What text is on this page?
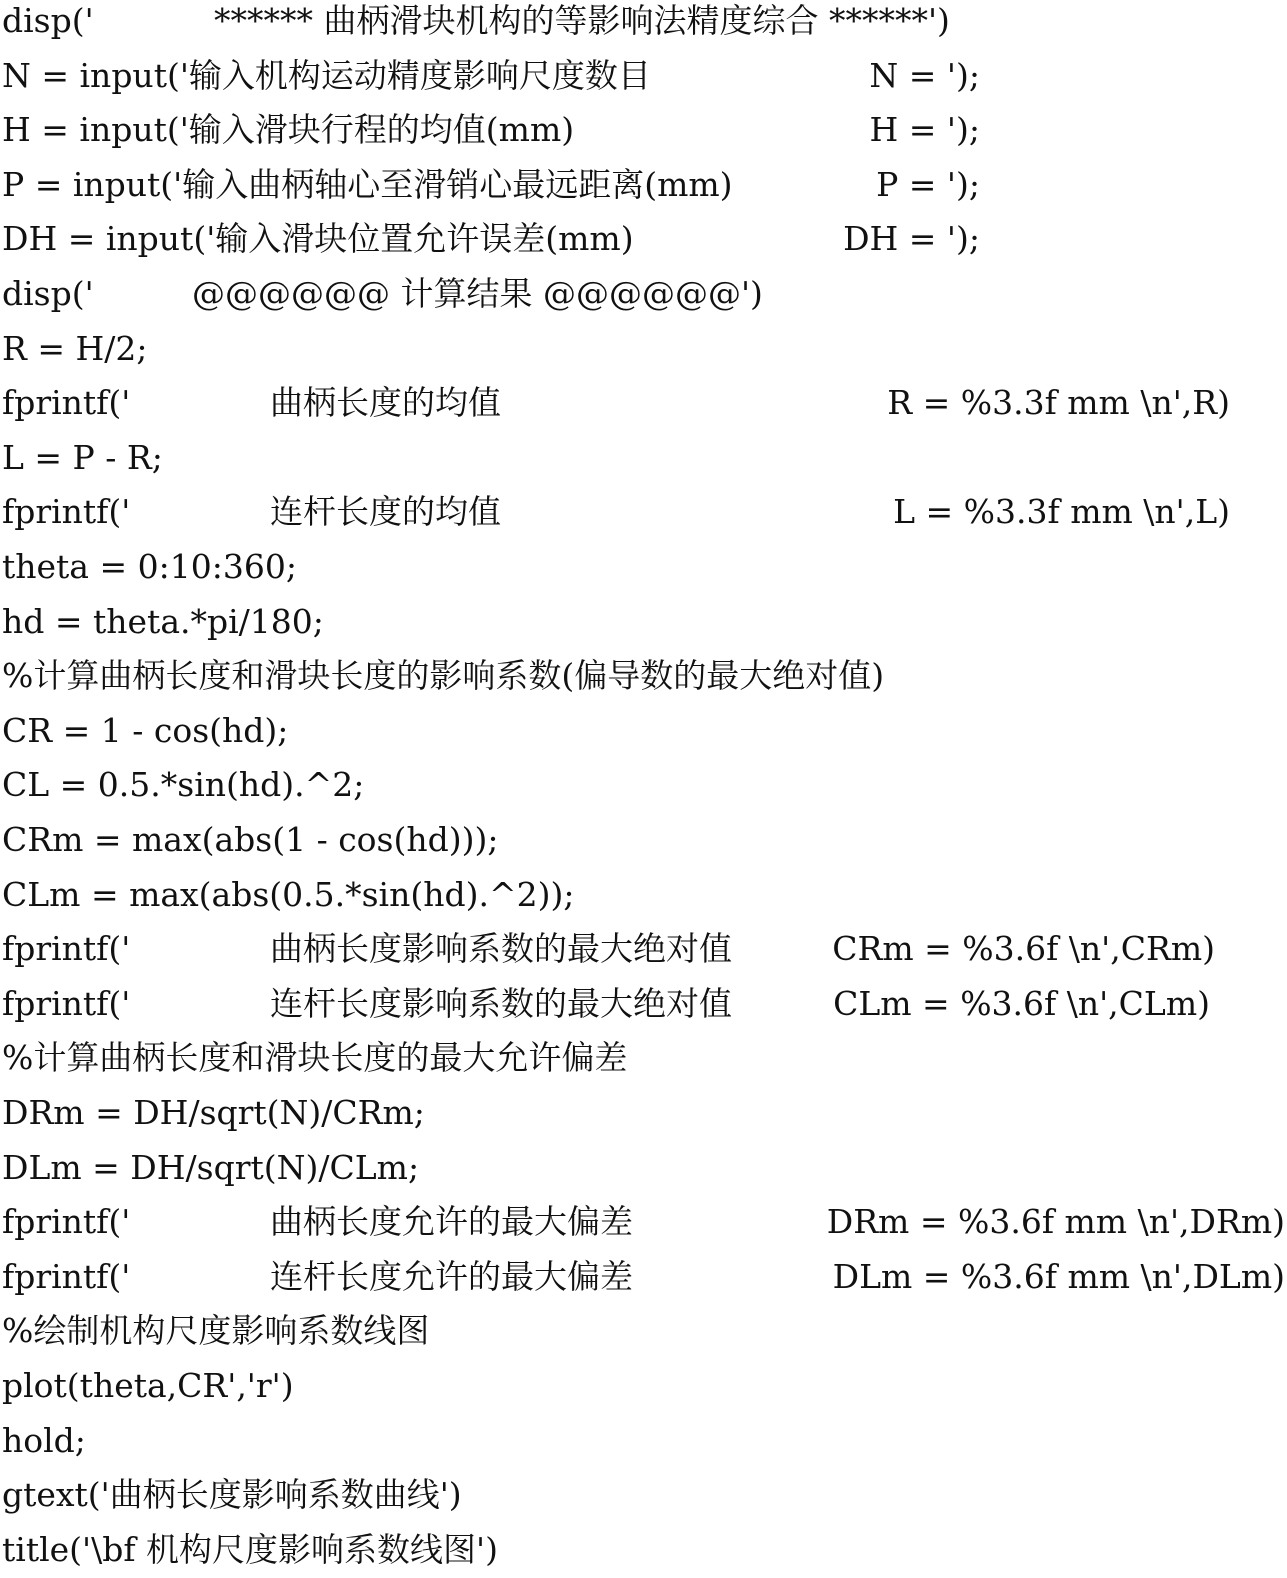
disp('	****** 曲柄滑块机构的等影响法精度综合 ******')
N = input('输入机构运动精度影响尺度数目	N = ');
H = input('输入滑块行程的均值(mm)	H = ');
P = input('输入曲柄轴心至滑销心最远距离(mm)	P = ');
DH = input('输入滑块位置允许误差(mm)	DH = ');
disp('	@@@@@@ 计算结果 @@@@@@')
R = H/2;
fprintf('	曲柄长度的均值	R = %3.3f mm \n',R)
L = P - R;
fprintf('	连杆长度的均值	L = %3.3f mm \n',L)
theta = 0:10:360;
hd = theta.*pi/180;
%计算曲柄长度和滑块长度的影响系数(偏导数的最大绝对值)
CR = 1 - cos(hd);
CL = 0.5.*sin(hd).^2;
CRm = max(abs(1 - cos(hd)));
CLm = max(abs(0.5.*sin(hd).^2));
fprintf('	曲柄长度影响系数的最大绝对值	CRm = %3.6f \n',CRm)
fprintf('	连杆长度影响系数的最大绝对值	CLm = %3.6f \n',CLm)
%计算曲柄长度和滑块长度的最大允许偏差
DRm = DH/sqrt(N)/CRm;
DLm = DH/sqrt(N)/CLm;
fprintf('	曲柄长度允许的最大偏差	DRm = %3.6f mm \n',DRm)
fprintf('	连杆长度允许的最大偏差	DLm = %3.6f mm \n',DLm)
%绘制机构尺度影响系数线图
plot(theta,CR','r')
hold;
gtext('曲柄长度影响系数曲线')
title('\bf 机构尺度影响系数线图')
